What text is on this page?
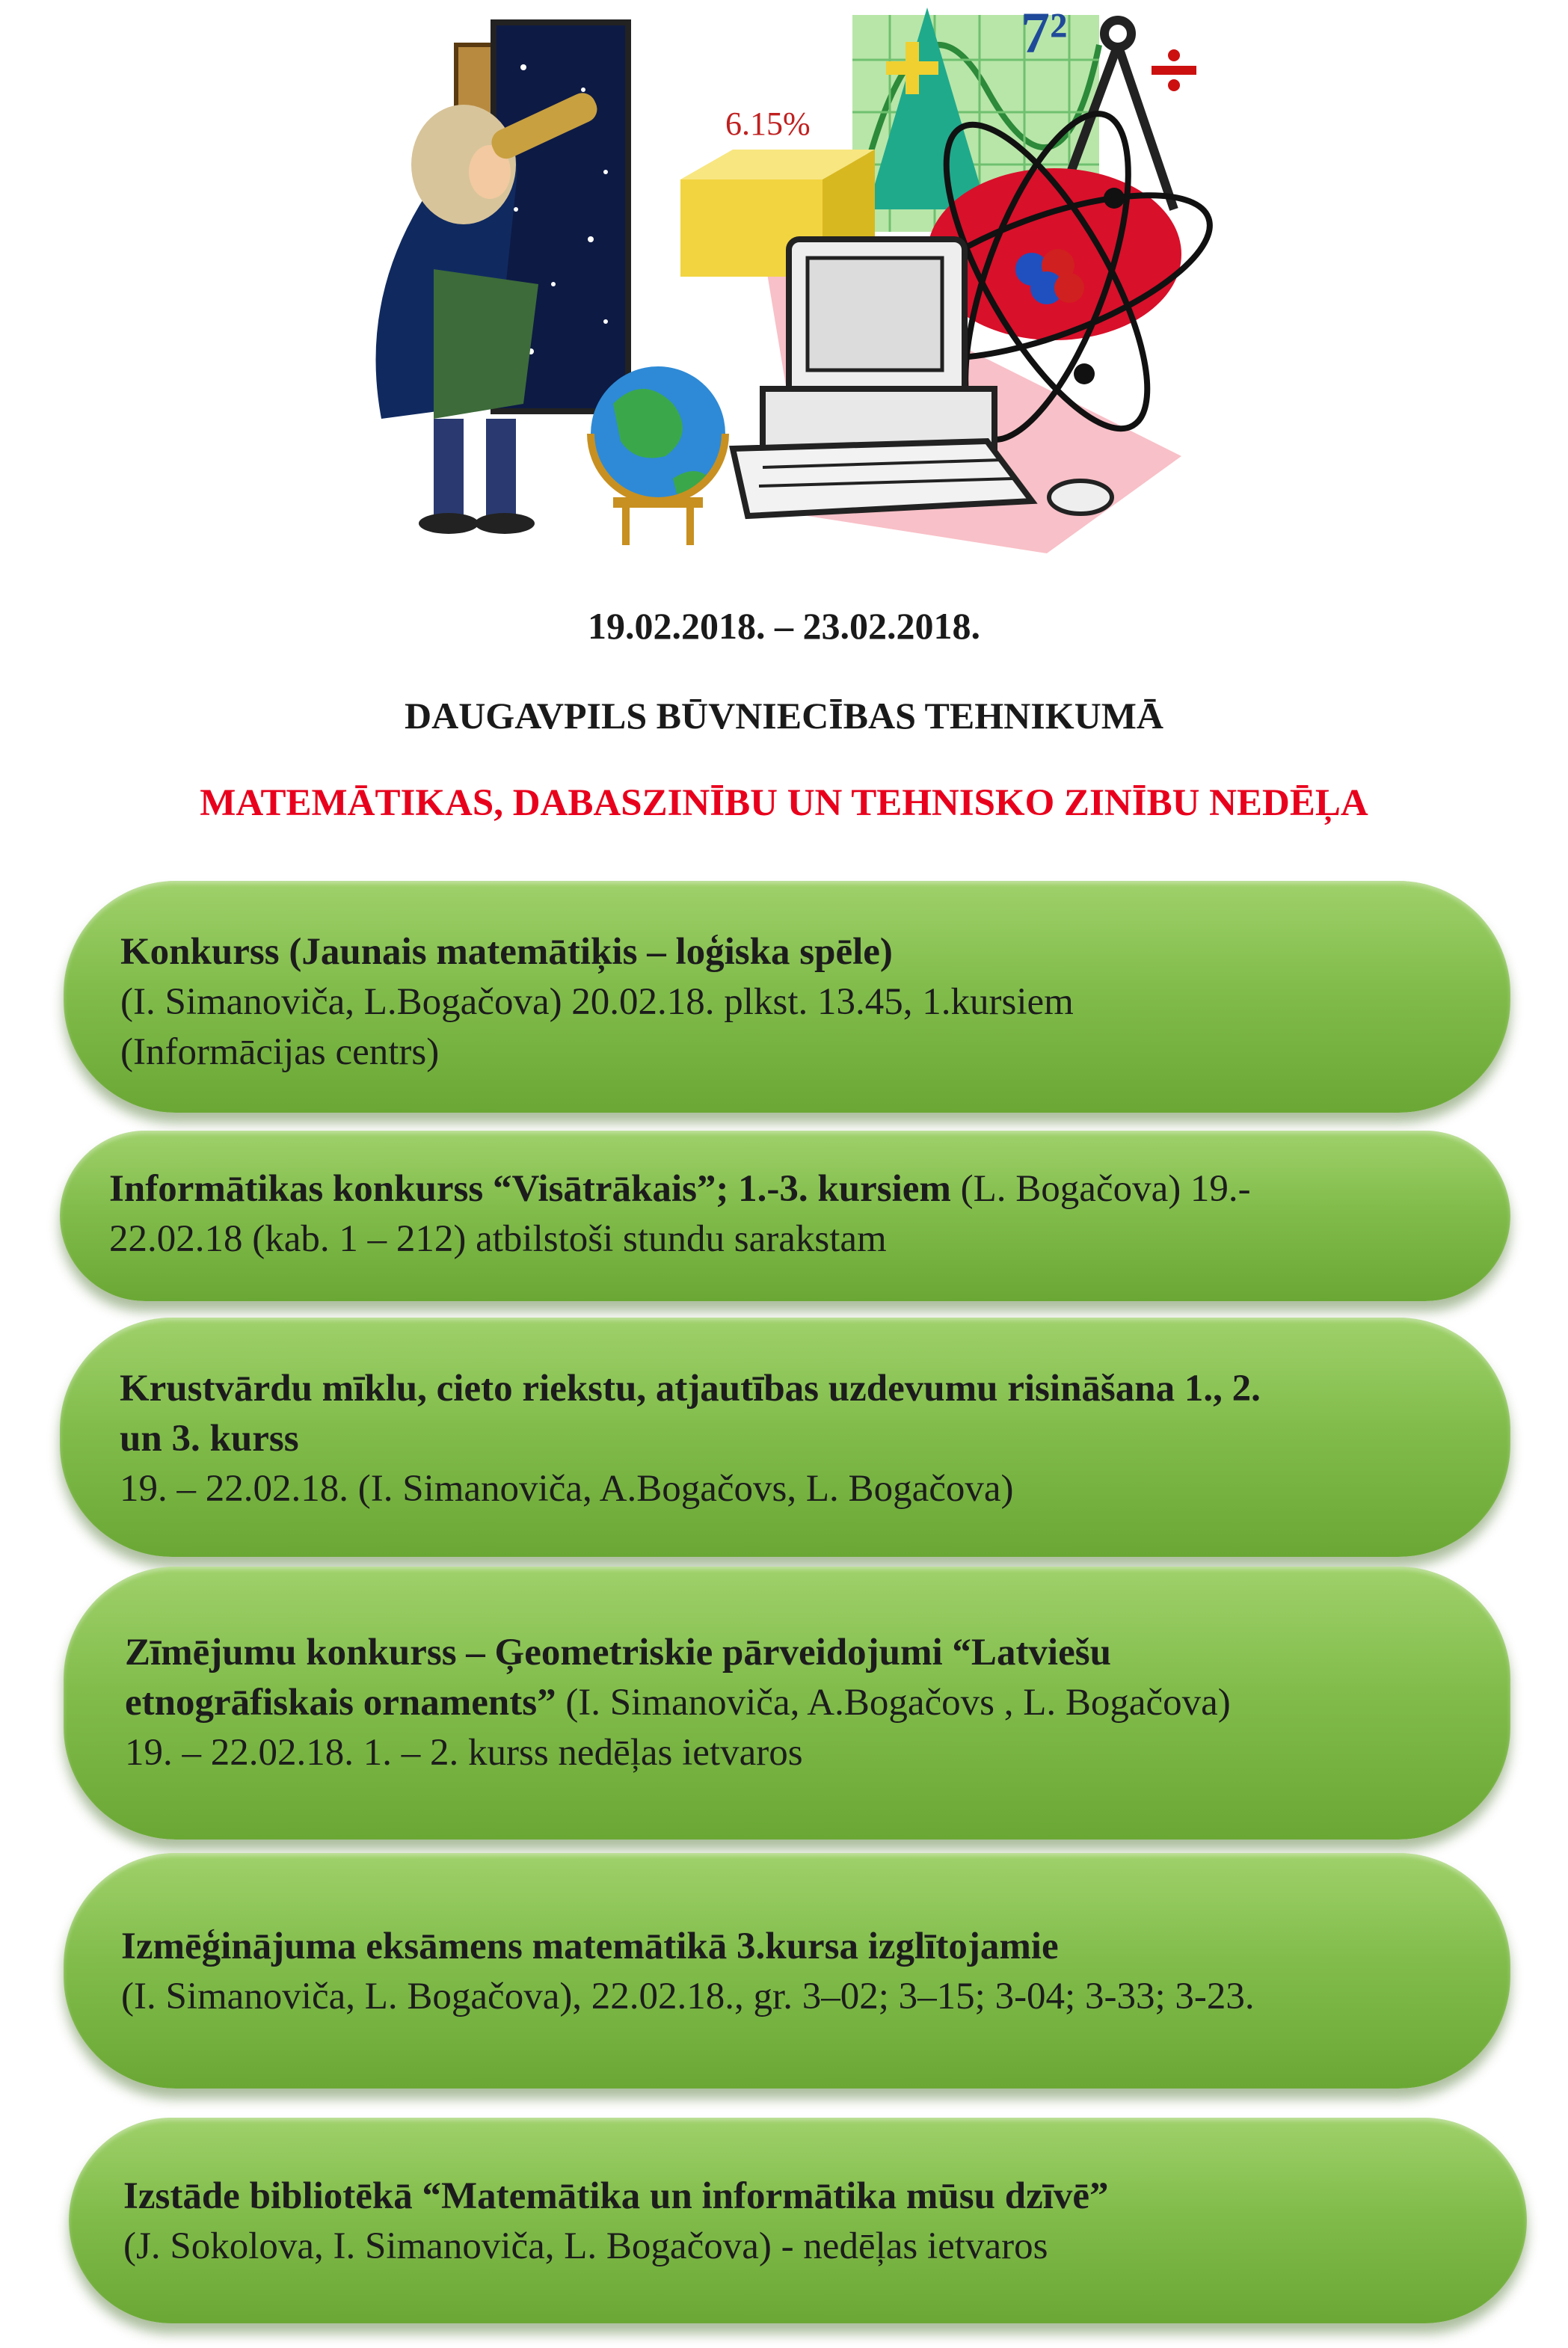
7²
6.15%
19.02.2018. – 23.02.2018.
DAUGAVPILS BŪVNIECĪBAS TEHNIKUMĀ
MATEMĀTIKAS, DABASZINĪBU UN TEHNISKO ZINĪBU NEDĒĻA
Konkurss (Jaunais matemātiķis – loģiska spēle)
(I. Simanoviča, L.Bogačova) 20.02.18. plkst. 13.45, 1.kursiem
(Informācijas centrs)
Informātikas konkurss “Visātrākais”; 1.-3. kursiem (L. Bogačova) 19.-
22.02.18 (kab. 1 – 212) atbilstoši stundu sarakstam
Krustvārdu mīklu, cieto riekstu, atjautības uzdevumu risināšana 1., 2.
un 3. kurss
19. – 22.02.18. (I. Simanoviča, A.Bogačovs, L. Bogačova)
Zīmējumu konkurss – Ģeometriskie pārveidojumi “Latviešu
etnogrāfiskais ornaments” (I. Simanoviča, A.Bogačovs , L. Bogačova)
19. – 22.02.18. 1. – 2. kurss nedēļas ietvaros
Izmēģinājuma eksāmens matemātikā 3.kursa izglītojamie
(I. Simanoviča, L. Bogačova), 22.02.18., gr. 3–02; 3–15; 3-04; 3-33; 3-23.
Izstāde bibliotēkā “Matemātika un informātika mūsu dzīvē”
(J. Sokolova, I. Simanoviča, L. Bogačova) - nedēļas ietvaros
